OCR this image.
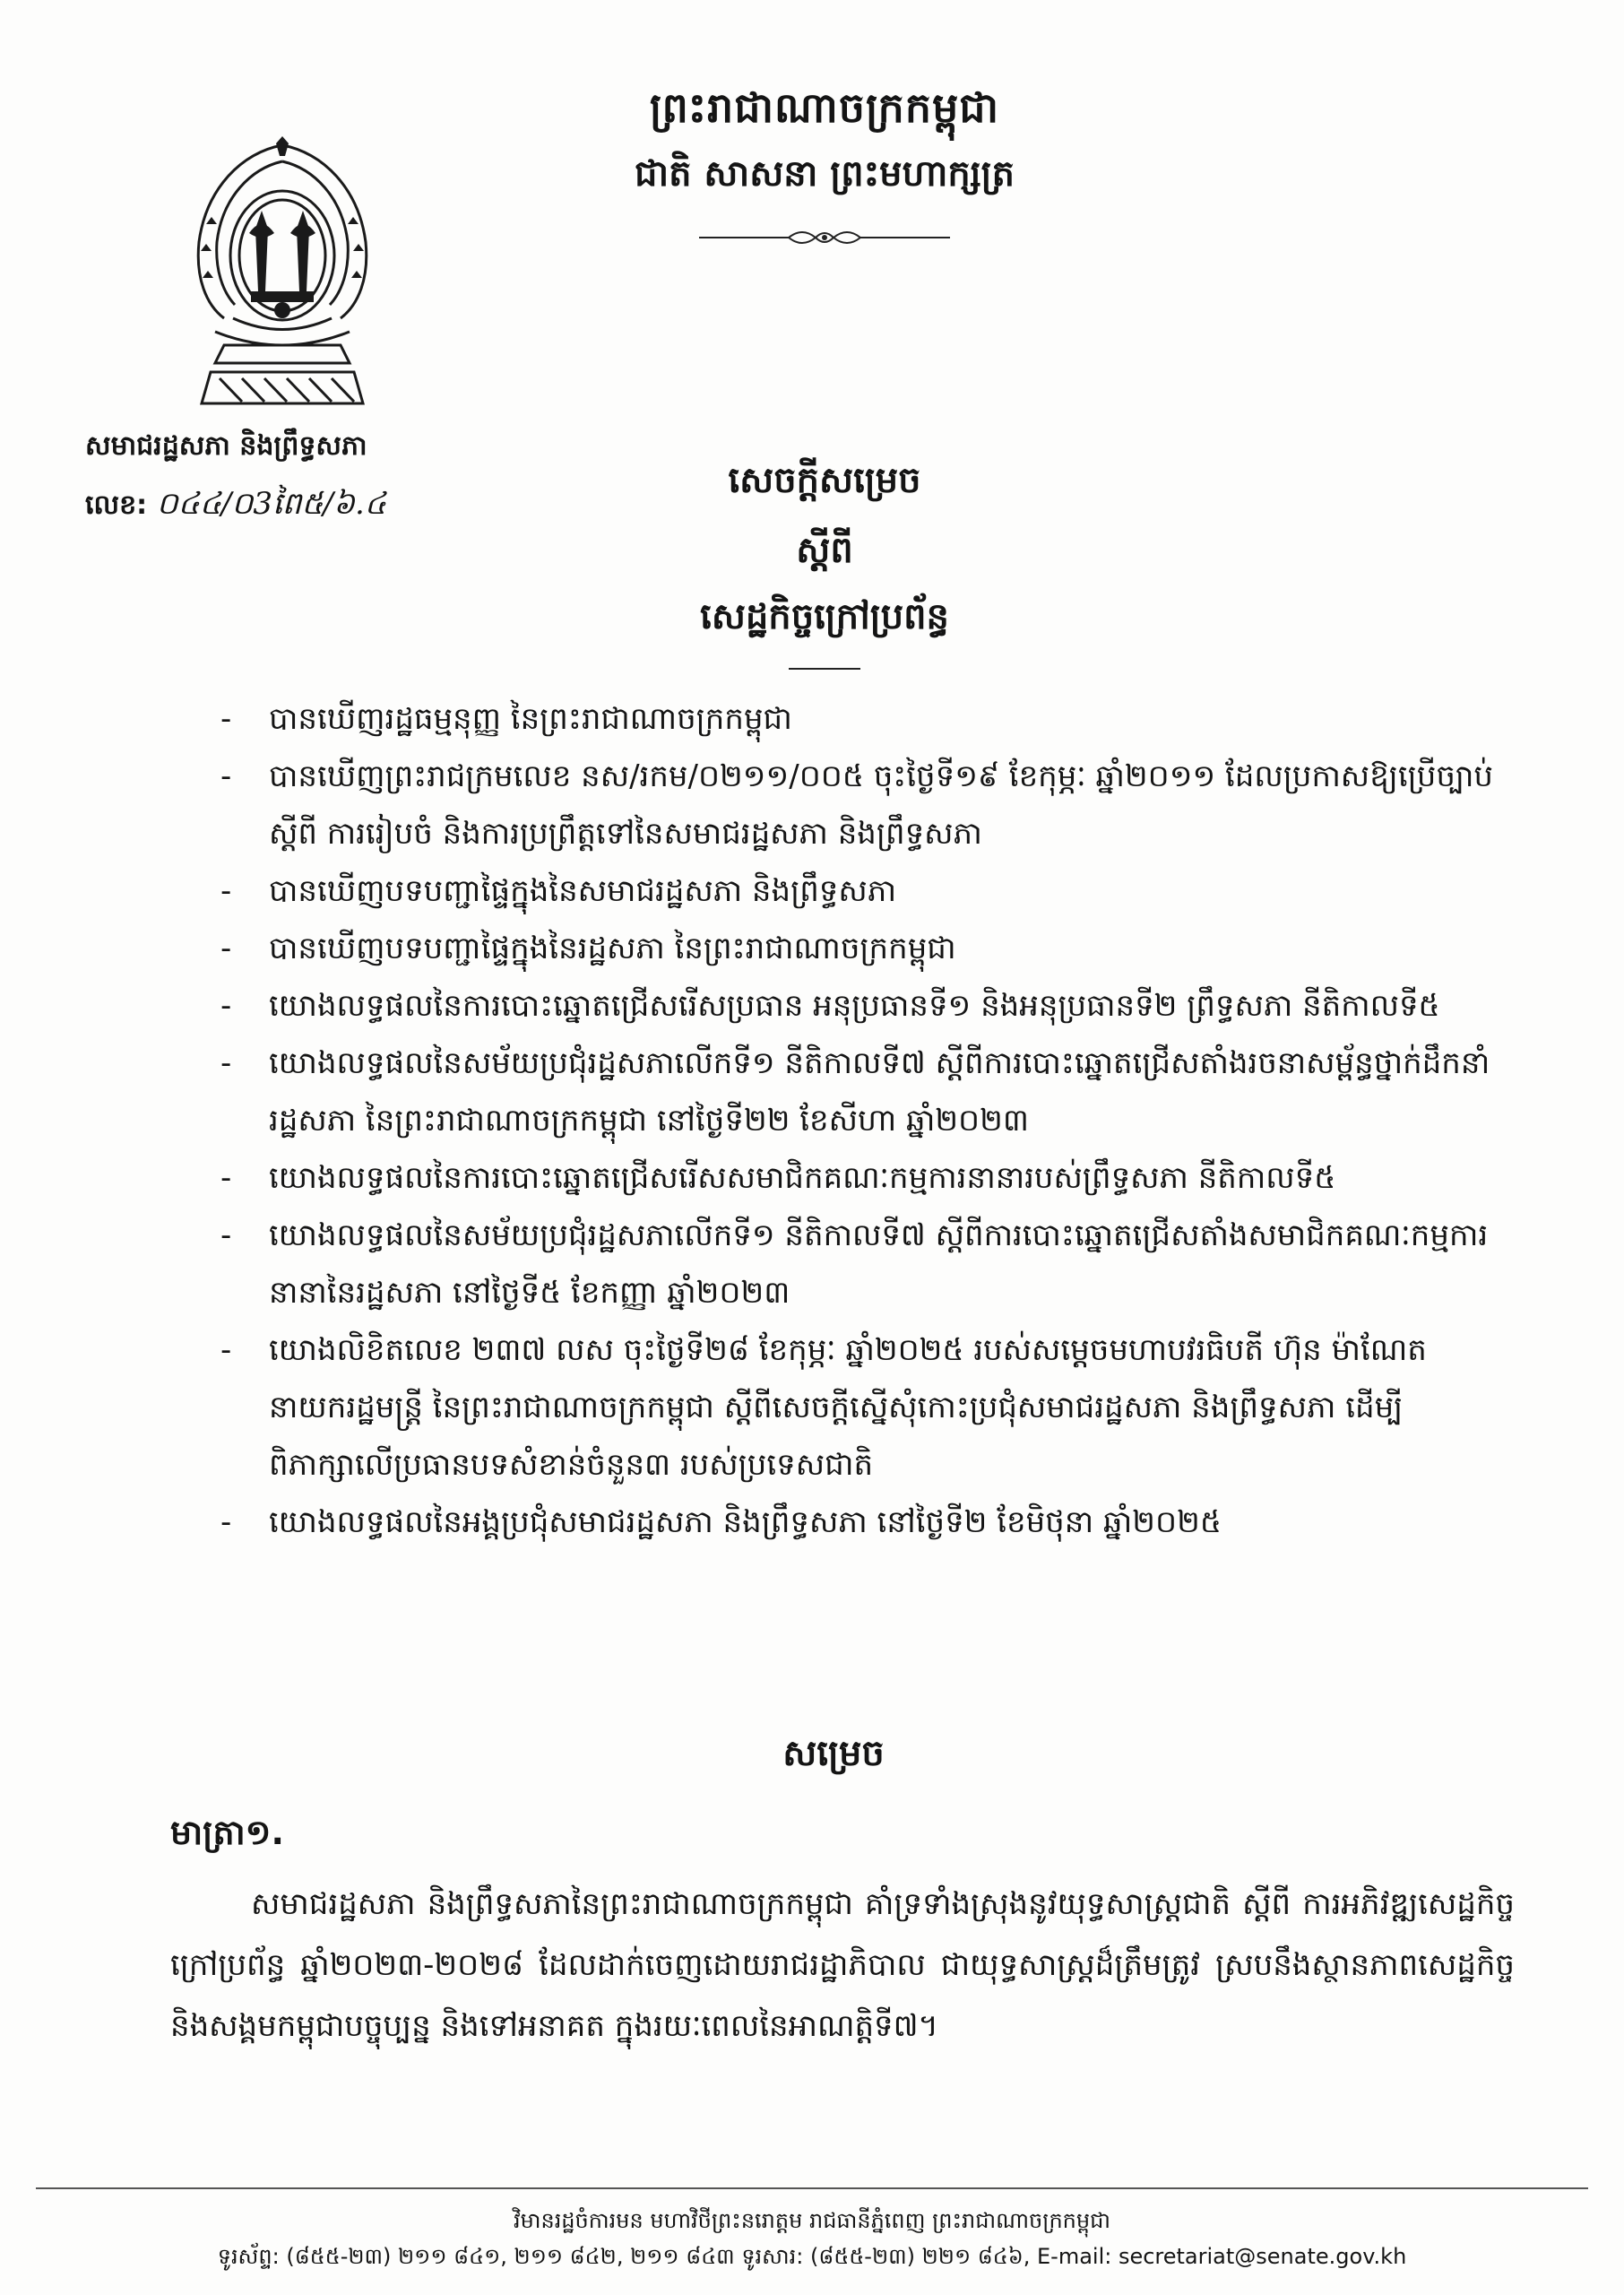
ព្រះរាជាណាចក្រកម្ពុជា
ជាតិ សាសនា ព្រះមហាក្សត្រ
សមាជរដ្ឋសភា និងព្រឹទ្ធសភា
លេខ: ០៤៤/០3ពៃ៥/៦.៤
សេចក្តីសម្រេច
ស្តីពី
សេដ្ឋកិច្ចក្រៅប្រព័ន្ធ
-	បានឃើញរដ្ឋធម្មនុញ្ញ នៃព្រះរាជាណាចក្រកម្ពុជា
-	បានឃើញព្រះរាជក្រមលេខ នស/រកម/០២១១/០០៥ ចុះថ្ងៃទី១៩ ខែកុម្ភៈ ឆ្នាំ២០១១ ដែលប្រកាសឱ្យប្រើច្បាប់ស្តីពី ការរៀបចំ និងការប្រព្រឹត្តទៅនៃសមាជរដ្ឋសភា និងព្រឹទ្ធសភា
-	បានឃើញបទបញ្ជាផ្ទៃក្នុងនៃសមាជរដ្ឋសភា និងព្រឹទ្ធសភា
-	បានឃើញបទបញ្ជាផ្ទៃក្នុងនៃរដ្ឋសភា នៃព្រះរាជាណាចក្រកម្ពុជា
-	យោងលទ្ធផលនៃការបោះឆ្នោតជ្រើសរើសប្រធាន អនុប្រធានទី១ និងអនុប្រធានទី២ ព្រឹទ្ធសភា នីតិកាលទី៥
-	យោងលទ្ធផលនៃសម័យប្រជុំរដ្ឋសភាលើកទី១ នីតិកាលទី៧ ស្តីពីការបោះឆ្នោតជ្រើសតាំងរចនាសម្ព័ន្ធថ្នាក់ដឹកនាំរដ្ឋសភា នៃព្រះរាជាណាចក្រកម្ពុជា នៅថ្ងៃទី២២ ខែសីហា ឆ្នាំ២០២៣
-	យោងលទ្ធផលនៃការបោះឆ្នោតជ្រើសរើសសមាជិកគណៈកម្មការនានារបស់ព្រឹទ្ធសភា នីតិកាលទី៥
-	យោងលទ្ធផលនៃសម័យប្រជុំរដ្ឋសភាលើកទី១ នីតិកាលទី៧ ស្តីពីការបោះឆ្នោតជ្រើសតាំងសមាជិកគណៈកម្មការនានានៃរដ្ឋសភា នៅថ្ងៃទី៥ ខែកញ្ញា ឆ្នាំ២០២៣
-	យោងលិខិតលេខ ២៣៧ លស ចុះថ្ងៃទី២៨ ខែកុម្ភៈ ឆ្នាំ២០២៥ របស់សម្តេចមហាបវរធិបតី ហ៊ុន ម៉ាណែត នាយករដ្ឋមន្ត្រី នៃព្រះរាជាណាចក្រកម្ពុជា ស្តីពីសេចក្តីស្នើសុំកោះប្រជុំសមាជរដ្ឋសភា និងព្រឹទ្ធសភា ដើម្បីពិភាក្សាលើប្រធានបទសំខាន់ចំនួន៣ របស់ប្រទេសជាតិ
-	យោងលទ្ធផលនៃអង្គប្រជុំសមាជរដ្ឋសភា និងព្រឹទ្ធសភា នៅថ្ងៃទី២ ខែមិថុនា ឆ្នាំ២០២៥
សម្រេច
មាត្រា១.
សមាជរដ្ឋសភា និងព្រឹទ្ធសភានៃព្រះរាជាណាចក្រកម្ពុជា គាំទ្រទាំងស្រុងនូវយុទ្ធសាស្ត្រជាតិ ស្តីពី ការអភិវឌ្ឍសេដ្ឋកិច្ចក្រៅប្រព័ន្ធ ឆ្នាំ២០២៣-២០២៨ ដែលដាក់ចេញដោយរាជរដ្ឋាភិបាល ជាយុទ្ធសាស្ត្រដ៏ត្រឹមត្រូវ ស្របនឹងស្ថានភាពសេដ្ឋកិច្ច និងសង្គមកម្ពុជាបច្ចុប្បន្ន និងទៅអនាគត ក្នុងរយៈពេលនៃអាណត្តិទី៧។
វិមានរដ្ឋចំការមន មហាវិថីព្រះនរោត្តម រាជធានីភ្នំពេញ ព្រះរាជាណាចក្រកម្ពុជា
ទូរស័ព្ទ: (៨៥៥-២៣) ២១១ ៨៤១, ២១១ ៨៤២, ២១១ ៨៤៣ ទូរសារ: (៨៥៥-២៣) ២២១ ៨៤៦, E-mail: secretariat@senate.gov.kh
